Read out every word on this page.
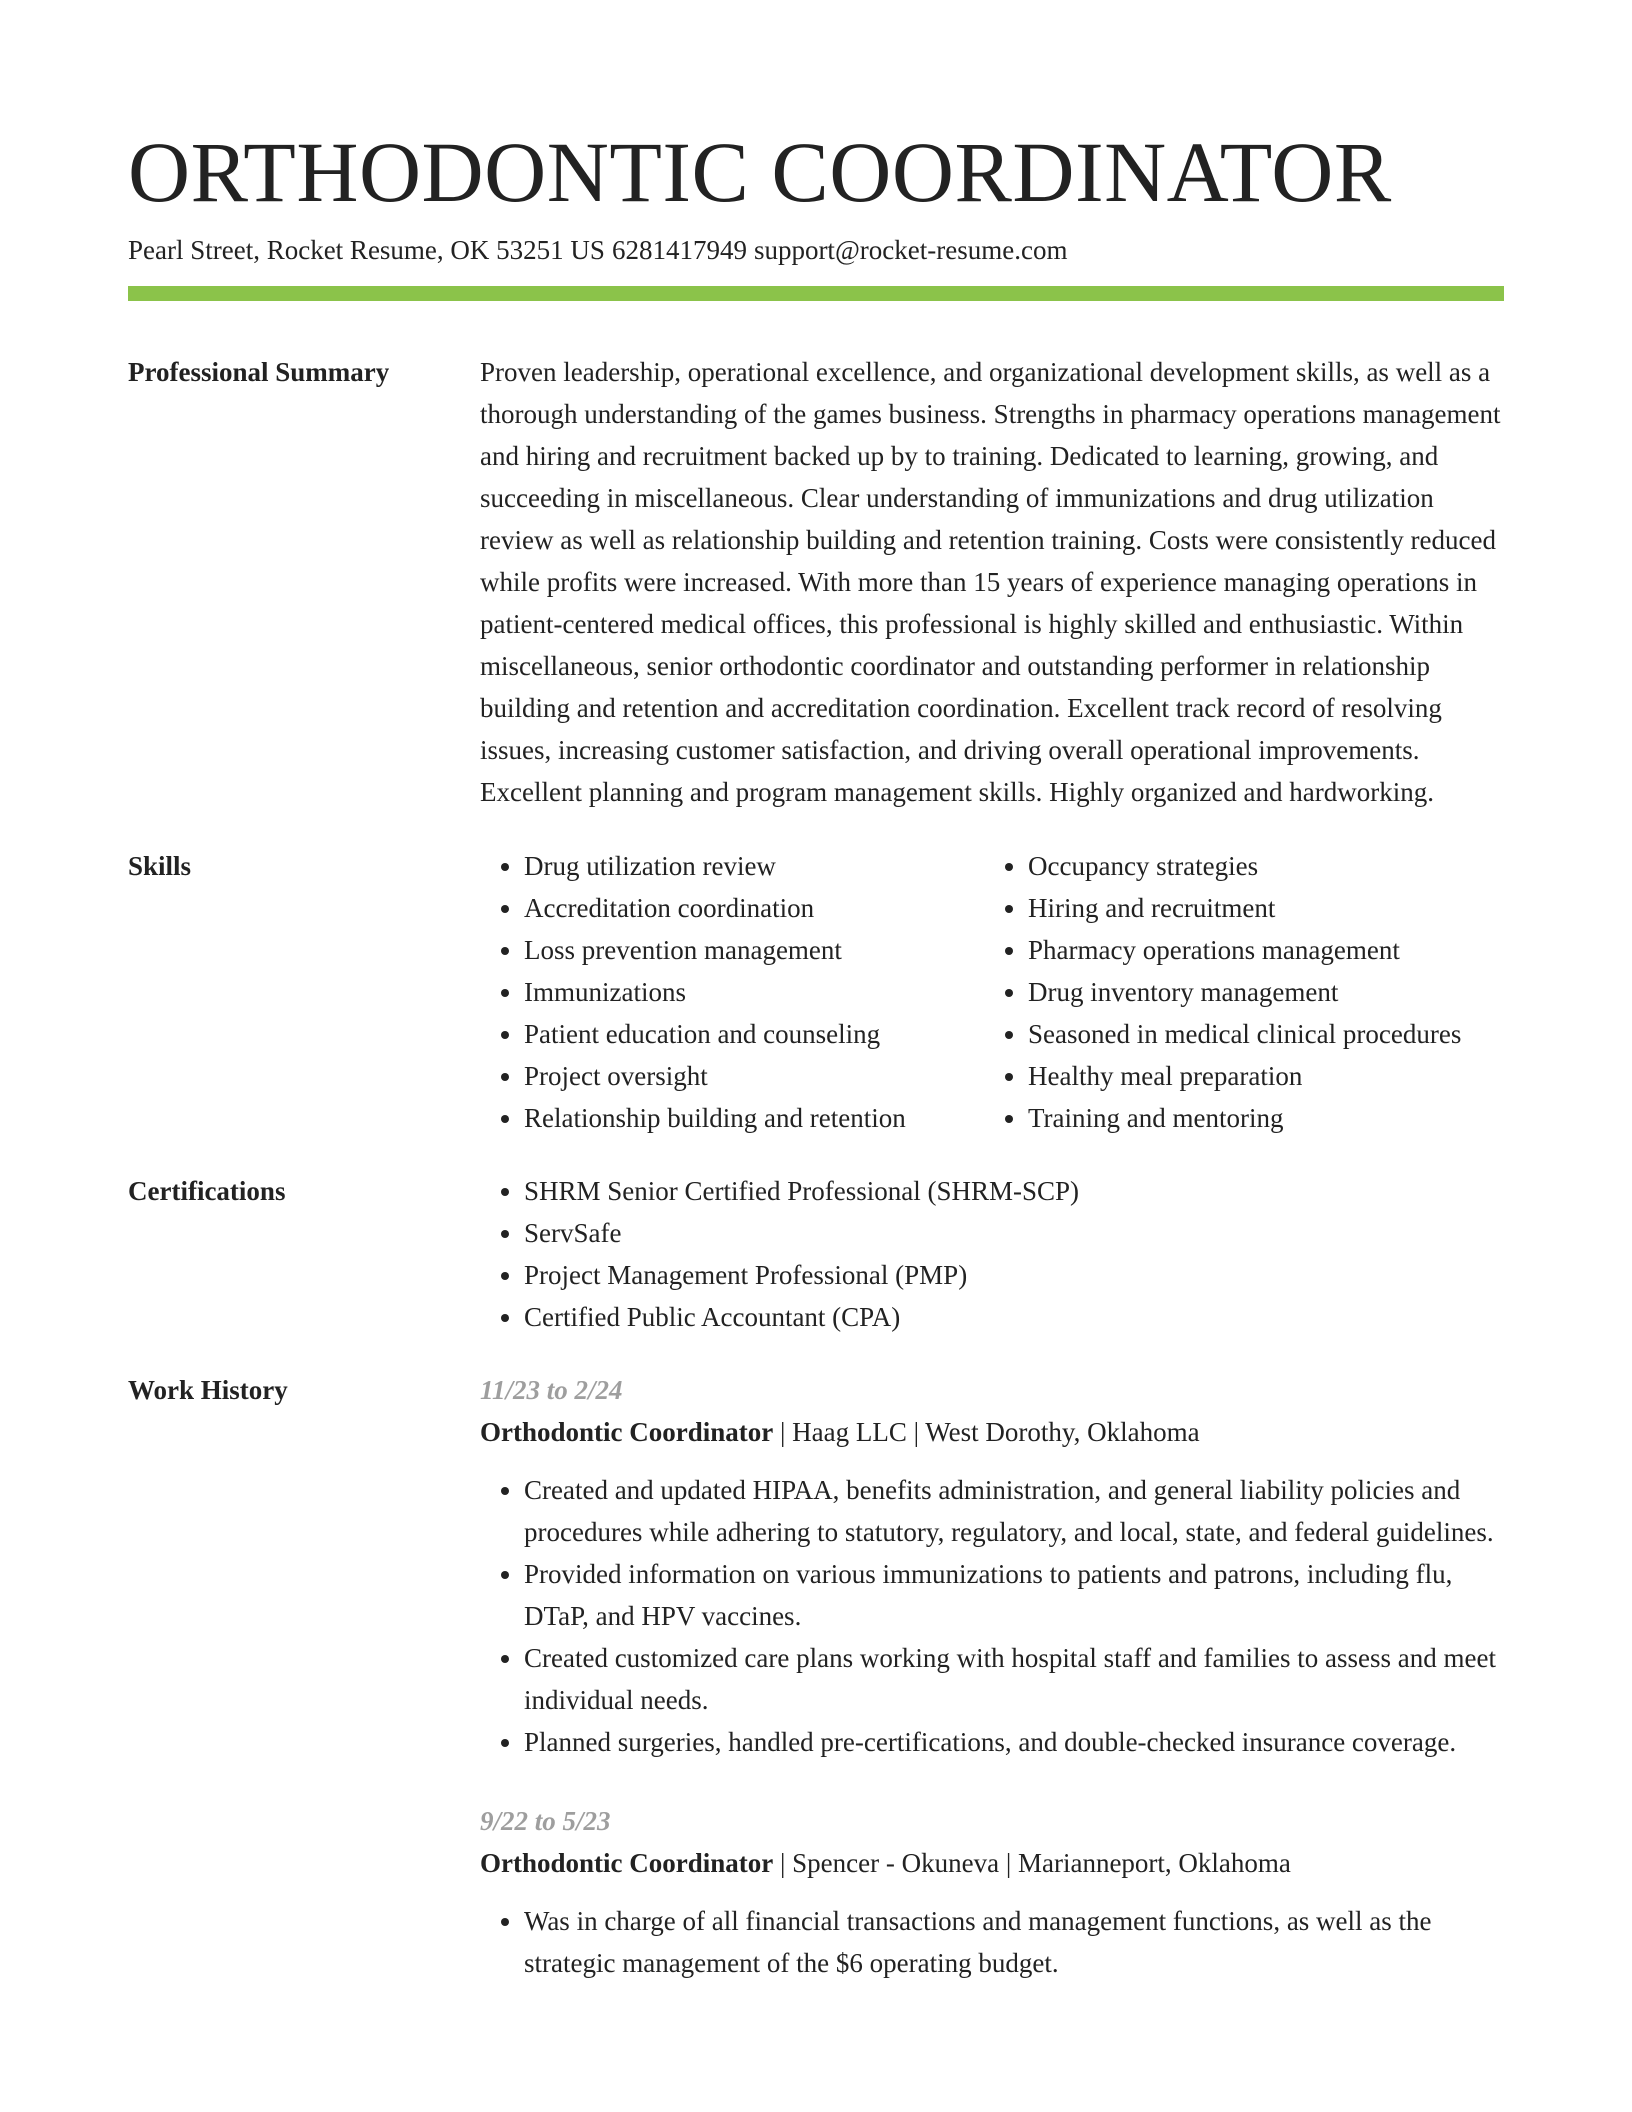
ORTHODONTIC COORDINATOR
Pearl Street, Rocket Resume, OK 53251 US 6281417949 support@rocket-resume.com
Professional Summary	Proven leadership, operational excellence, and organizational development skills, as well as a thorough understanding of the games business. Strengths in pharmacy operations management and hiring and recruitment backed up by to training. Dedicated to learning, growing, and succeeding in miscellaneous. Clear understanding of immunizations and drug utilization review as well as relationship building and retention training. Costs were consistently reduced while profits were increased. With more than 15 years of experience managing operations in patient-centered medical offices, this professional is highly skilled and enthusiastic. Within miscellaneous, senior orthodontic coordinator and outstanding performer in relationship building and retention and accreditation coordination. Excellent track record of resolving issues, increasing customer satisfaction, and driving overall operational improvements. Excellent planning and program management skills. Highly organized and hardworking.

Skills	• Drug utilization review
• Accreditation coordination
• Loss prevention management
• Immunizations
• Patient education and counseling
• Project oversight
• Relationship building and retention
• Occupancy strategies
• Hiring and recruitment
• Pharmacy operations management
• Drug inventory management
• Seasoned in medical clinical procedures
• Healthy meal preparation
• Training and mentoring
Certifications	• SHRM Senior Certified Professional (SHRM-SCP)
• ServSafe
• Project Management Professional (PMP)
• Certified Public Accountant (CPA)
Work History	11/23 to 2/24
Orthodontic Coordinator | Haag LLC | West Dorothy, Oklahoma
• Created and updated HIPAA, benefits administration, and general liability policies and procedures while adhering to statutory, regulatory, and local, state, and federal guidelines.
• Provided information on various immunizations to patients and patrons, including flu, DTaP, and HPV vaccines.
• Created customized care plans working with hospital staff and families to assess and meet individual needs.
• Planned surgeries, handled pre-certifications, and double-checked insurance coverage.
9/22 to 5/23
Orthodontic Coordinator | Spencer - Okuneva | Marianneport, Oklahoma
• Was in charge of all financial transactions and management functions, as well as the strategic management of the $6 operating budget.
